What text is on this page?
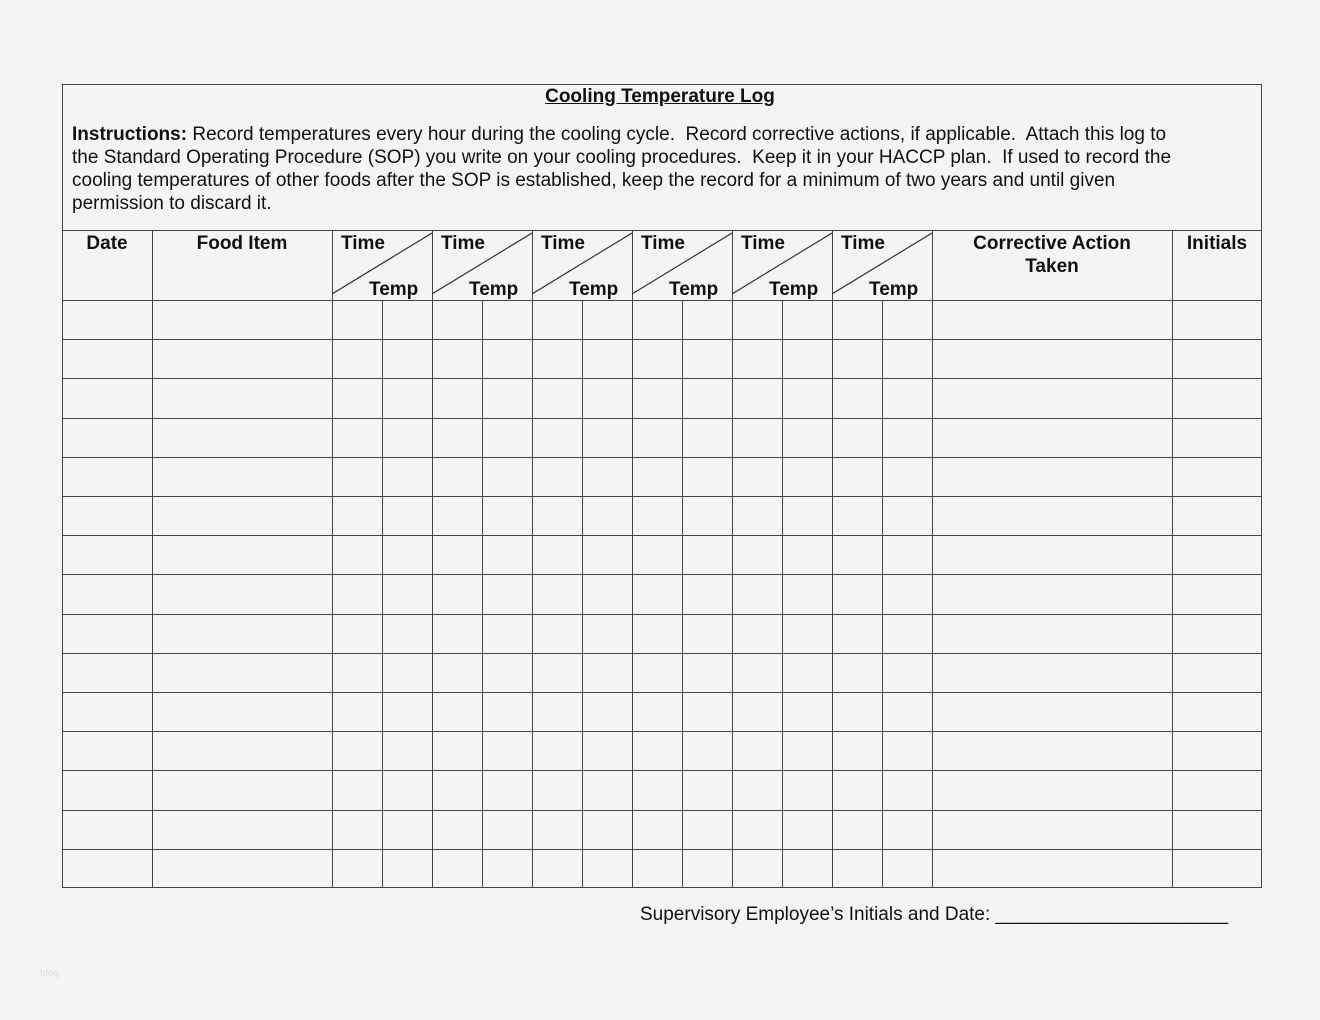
Cooling Temperature Log
Instructions: Record temperatures every hour during the cooling cycle.  Record corrective actions, if applicable.  Attach this log to
the Standard Operating Procedure (SOP) you write on your cooling procedures.  Keep it in your HACCP plan.  If used to record the
cooling temperatures of other foods after the SOP is established, keep the record for a minimum of two years and until given
permission to discard it.
Date	Food Item	Corrective Action
Taken
Initials
Time
Temp
Time
Temp
Time
Temp
Time
Temp
Time
Temp
Time
Temp
Supervisory Employee’s Initials and Date: ______________________
blog
